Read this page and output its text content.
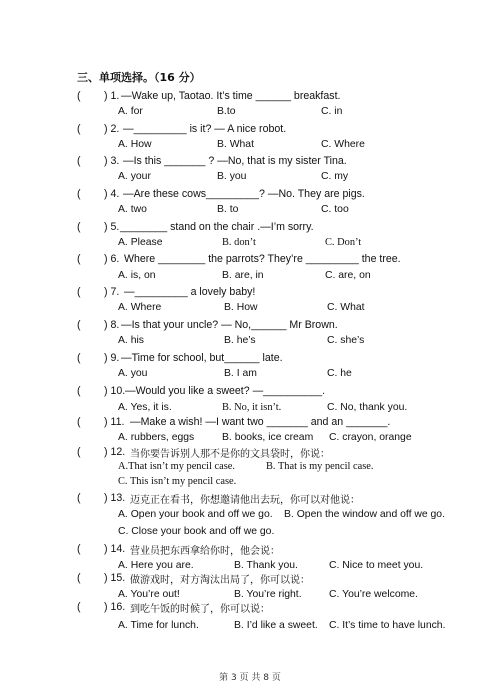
三、单项选择。（16 分）
( ) 1. —Wake up, Taotao. It’s time ______ breakfast.
A. for	B.to	C. in
( ) 2. —_________ is it? — A nice robot.
A. How	B. What	C. Where
( ) 3. —Is this _______ ? —No, that is my sister Tina.
A. your	B. you	C. my
( ) 4. —Are these cows_________? —No. They are pigs.
A. two	B. to	C. too
( ) 5. ________ stand on the chair .—I’m sorry.
A. Please	B. don’t	C. Don’t
( ) 6. Where ________ the parrots? They’re _________ the tree.
A. is, on	B. are, in	C. are, on
( ) 7. —_________ a lovely baby!
A. Where	B. How	C. What
( ) 8. —Is that your uncle? — No,______ Mr Brown.
A. his	B. he’s	C. she’s
( ) 9. —Time for school, but______ late.
A. you	B. I am	C. he
( ) 10. —Would you like a sweet? —__________.
A. Yes, it is.	B. No, it isn’t.	C. No, thank you.
( ) 11. —Make a wish! —I want two _______ and an _______.
A. rubbers, eggs	B. books, ice cream C. crayon, orange
( ) 12. 当你要告诉别人那不是你的文具袋时，你说：
A.That isn’t my pencil case.	B. That is my pencil case.
C. This isn’t my pencil case.
( ) 13. 迈克正在看书，你想邀请他出去玩，你可以对他说：
A. Open your book and off we go. B. Open the window and off we go.
C. Close your book and off we go.
( ) 14. 营业员把东西拿给你时，他会说：
A. Here you are.	B. Thank you.	C. Nice to meet you.
( ) 15. 做游戏时，对方淘汰出局了，你可以说：
A. You’re out!	B. You’re right.	C. You’re welcome.
( ) 16. 到吃午饭的时候了，你可以说：
A. Time for lunch.	B. I’d like a sweet. C. It’s time to have lunch.
第 3 页 共 8 页
